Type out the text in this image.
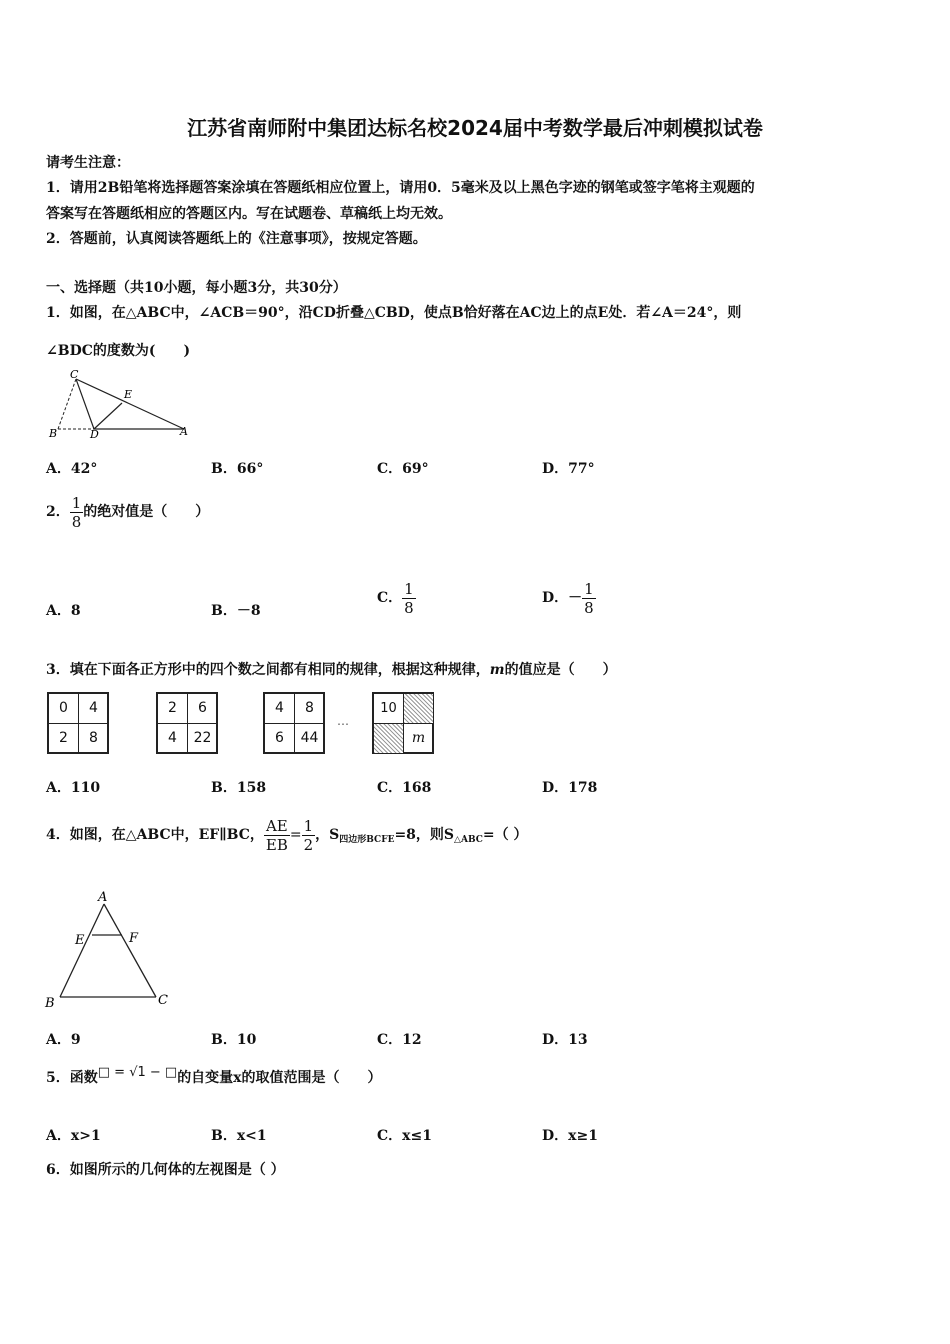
江苏省南师附中集团达标名校2024届中考数学最后冲刺模拟试卷
请考生注意：
1．请用2B铅笔将选择题答案涂填在答题纸相应位置上，请用0．5毫米及以上黑色字迹的钢笔或签字笔将主观题的
答案写在答题纸相应的答题区内。写在试题卷、草稿纸上均无效。
2．答题前，认真阅读答题纸上的《注意事项》，按规定答题。
一、选择题（共10小题，每小题3分，共30分）
1．如图，在△ABC中，∠ACB＝90°，沿CD折叠△CBD，使点B恰好落在AC边上的点E处．若∠A＝24°，则
∠BDC的度数为(　　)
C
E
B	D	A
A．42°	B．66°	C．69°	D．77°
2． $\frac{1}{8}$ 的绝对值是（　　）
A．8	B．－8
C． $\frac{1}{8}$	D．－ $\frac{1}{8}$
3．填在下面各正方形中的四个数之间都有相同的规律，根据这种规律，m的值应是（　　）
0	4
2	8
2	6
4	22
4	8
6	44
…
10
m
A．110	B．158	C．168	D．178
4．如图，在△ABC中，EF∥BC， $\frac{AE}{EB} = \frac{1}{2}$ ，$S_{四边形BCFE}=8$，则$S_{\triangle ABC}=$（ ）
A
E	F
B	C
A．9	B．10	C．12	D．13
5．函数□ = √1 − □的自变量x的取值范围是（　　）
A．x>1	B．x<1	C．x≤1	D．x≥1
6．如图所示的几何体的左视图是（ ）
